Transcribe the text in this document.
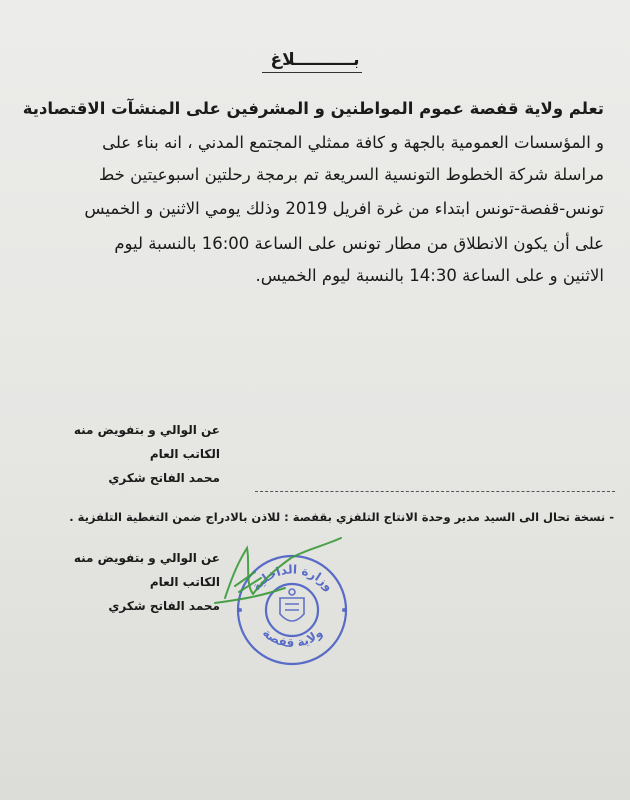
بــــــــــلاغ
تعلم ولاية قفصة عموم المواطنين و المشرفين على المنشآت الاقتصادية
و المؤسسات العمومية بالجهة و كافة ممثلي المجتمع المدني ، انه بناء على
مراسلة شركة الخطوط التونسية السريعة تم برمجة رحلتين اسبوعيتين خط
تونس-قفصة-تونس ابتداء من غرة افريل 2019 وذلك يومي الاثنين و الخميس
على أن يكون الانطلاق من مطار تونس على الساعة 16:00 بالنسبة ليوم
الاثنين و على الساعة 14:30 بالنسبة ليوم الخميس.
عن الوالي و بتفويض منه
الكاتب العام
محمد الفاتح شكري
- نسخة تحال الى السيد مدير وحدة الانتاج التلفزي بقفصة : للاذن بالادراج ضمن التغطية التلفزية .
عن الوالي و بتفويض منه
الكاتب العام
محمد الفاتح شكري
وزارة الداخلية
ولاية قفصة
